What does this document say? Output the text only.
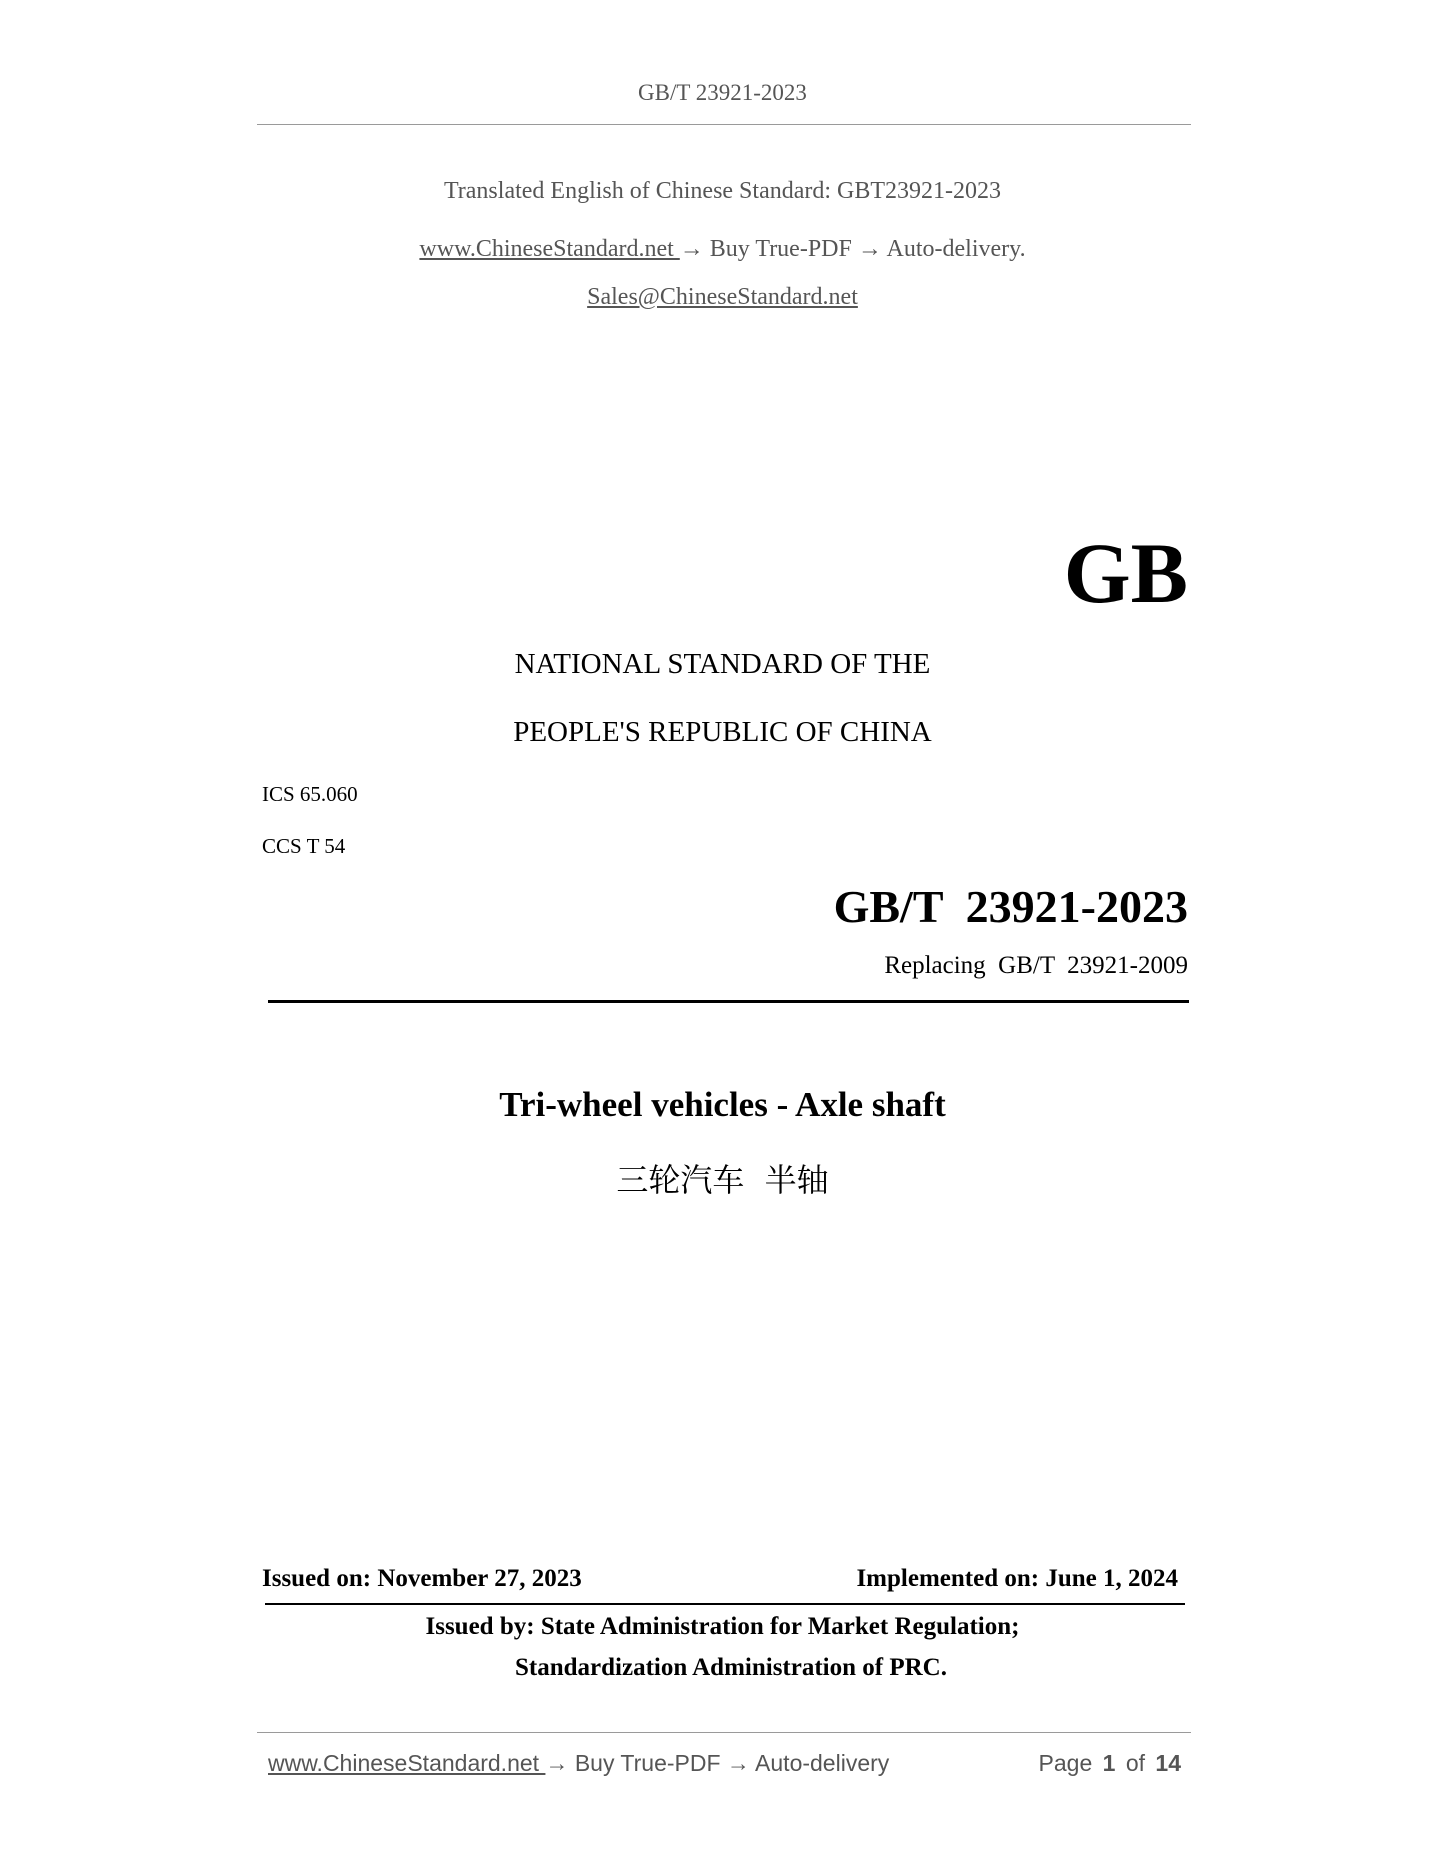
GB/T 23921-2023
Translated English of Chinese Standard: GBT23921-2023
www.ChineseStandard.net → Buy True-PDF → Auto-delivery.
Sales@ChineseStandard.net
GB
NATIONAL STANDARD OF THE
PEOPLE'S REPUBLIC OF CHINA
ICS 65.060
CCS T 54
GB/T  23921-2023
Replacing  GB/T  23921-2009
Tri-wheel vehicles - Axle shaft
三轮汽车  半轴
Issued on: November 27, 2023	Implemented on: June 1, 2024
Issued by: State Administration for Market Regulation;
Standardization Administration of PRC.
www.ChineseStandard.net → Buy True-PDF → Auto-delivery	Page 1 of 14
